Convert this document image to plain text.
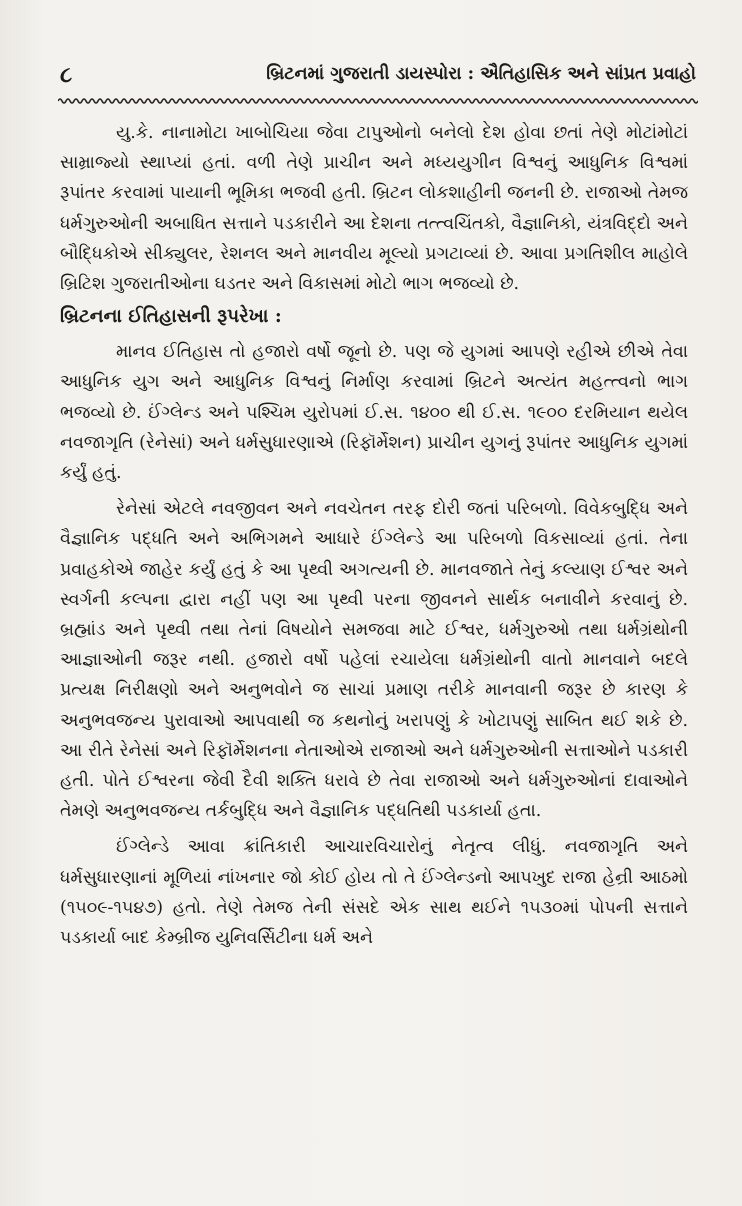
૮	બ્રિટનમાં ગુજરાતી ડાયસ્પોરા : ઐતિહાસિક અને સાંપ્રત પ્રવાહો

યુ.કે. નાનામોટા ખાબોચિયા જેવા ટાપુઓનો બનેલો દેશ હોવા છતાં તેણે મોટાંમોટાં સામ્રાજ્યો સ્થાપ્યાં હતાં. વળી તેણે પ્રાચીન અને મધ્યયુગીન વિશ્વનું આધુનિક વિશ્વમાં રૂપાંતર કરવામાં પાયાની ભૂમિકા ભજવી હતી. બ્રિટન લોકશાહીની જનની છે. રાજાઓ તેમજ ધર્મગુરુઓની અબાધિત સત્તાને પડકારીને આ દેશના તત્ત્વચિંતકો, વૈજ્ઞાનિકો, યંત્રવિદ્દો અને બૌદ્ધિકોએ સીક્યુલર, રેશનલ અને માનવીય મૂલ્યો પ્રગટાવ્યાં છે. આવા પ્રગતિશીલ માહોલે બ્રિટિશ ગુજરાતીઓના ઘડતર અને વિકાસમાં મોટો ભાગ ભજવ્યો છે.

બ્રિટનના ઈતિહાસની રૂપરેખા :

માનવ ઈતિહાસ તો હજારો વર્ષો જૂનો છે. પણ જે યુગમાં આપણે રહીએ છીએ તેવા આધુનિક યુગ અને આધુનિક વિશ્વનું નિર્માણ કરવામાં બ્રિટને અત્યંત મહત્ત્વનો ભાગ ભજવ્યો છે. ઈંગ્લેન્ડ અને પશ્ચિમ યુરોપમાં ઈ.સ. ૧૪૦૦ થી ઈ.સ. ૧૯૦૦ દરમિયાન થયેલ નવજાગૃતિ (રેનેસાં) અને ધર્મસુધારણાએ (રિફૉર્મેશન) પ્રાચીન યુગનું રૂપાંતર આધુનિક યુગમાં કર્યું હતું.

રેનેસાં એટલે નવજીવન અને નવચેતન તરફ દોરી જતાં પરિબળો. વિવેકબુદ્ધિ અને વૈજ્ઞાનિક પદ્ધતિ અને અભિગમને આધારે ઈંગ્લેન્ડે આ પરિબળો વિકસાવ્યાં હતાં. તેના પ્રવાહકોએ જાહેર કર્યું હતું કે આ પૃથ્વી અગત્યની છે. માનવજાતે તેનું કલ્યાણ ઈશ્વર અને સ્વર્ગની કલ્પના દ્વારા નહીં પણ આ પૃથ્વી પરના જીવનને સાર્થક બનાવીને કરવાનું છે. બ્રહ્માંડ અને પૃથ્વી તથા તેનાં વિષયોને સમજવા માટે ઈશ્વર, ધર્મગુરુઓ તથા ધર્મગ્રંથોની આજ્ઞાઓની જરૂર નથી. હજારો વર્ષો પહેલાં રચાયેલા ધર્મગ્રંથોની વાતો માનવાને બદલે પ્રત્યક્ષ નિરીક્ષણો અને અનુભવોને જ સાચાં પ્રમાણ તરીકે માનવાની જરૂર છે કારણ કે અનુભવજન્ય પુરાવાઓ આપવાથી જ કથનોનું ખરાપણું કે ખોટાપણું સાબિત થઈ શકે છે. આ રીતે રેનેસાં અને રિફૉર્મેશનના નેતાઓએ રાજાઓ અને ધર્મગુરુઓની સત્તાઓને પડકારી હતી. પોતે ઈશ્વરના જેવી દૈવી શક્તિ ધરાવે છે તેવા રાજાઓ અને ધર્મગુરુઓનાં દાવાઓને તેમણે અનુભવજન્ય તર્કબુદ્ધિ અને વૈજ્ઞાનિક પદ્ધતિથી પડકાર્યા હતા.

ઈંગ્લેન્ડે આવા ક્રાંતિકારી આચારવિચારોનું નેતૃત્વ લીધું. નવજાગૃતિ અને ધર્મસુધારણાનાં મૂળિયાં નાંખનાર જો કોઈ હોય તો તે ઈંગ્લેન્ડનો આપખુદ રાજા હેન્રી આઠમો (૧૫૦૯-૧૫૪૭) હતો. તેણે તેમજ તેની સંસદે એક સાથ થઈને ૧૫૩૦માં પોપની સત્તાને પડકાર્યા બાદ કેમ્બ્રીજ યુનિવર્સિટીના ધર્મ અને
